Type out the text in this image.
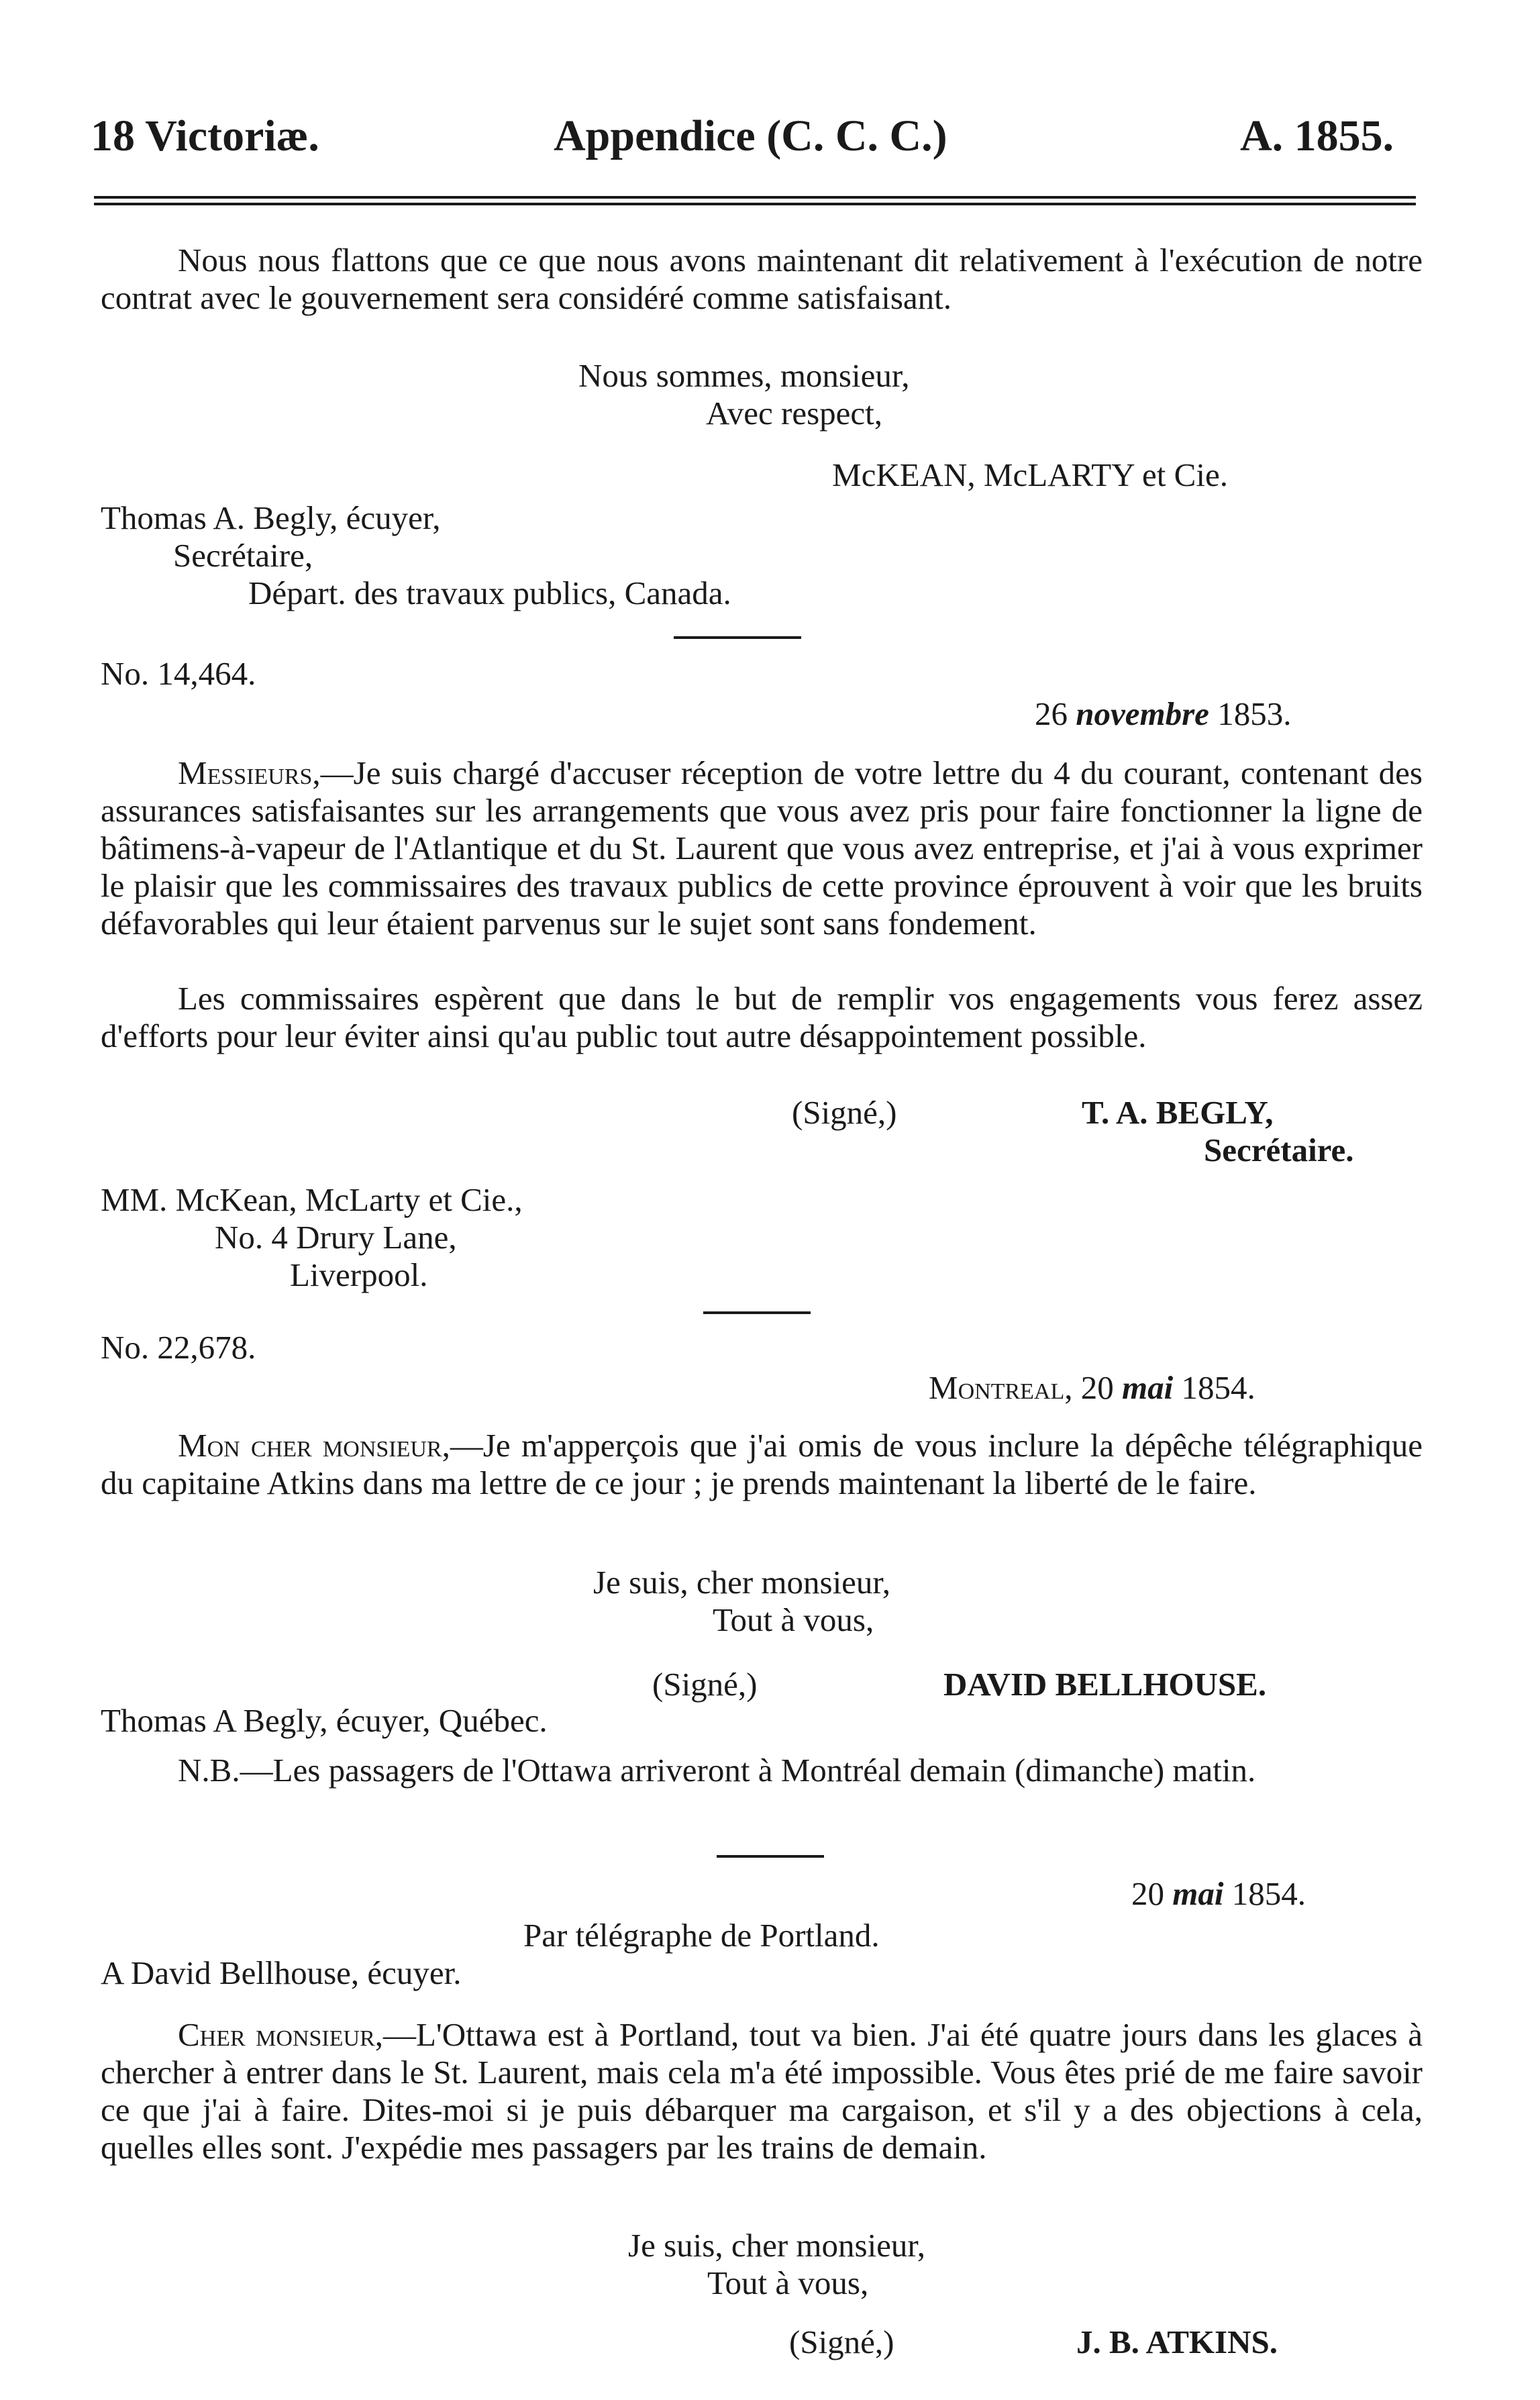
18 Victoriæ.	Appendice (C. C. C.)	A. 1855.
Nous nous flattons que ce que nous avons maintenant dit relativement à l'exécution de notre contrat avec le gouvernement sera considéré comme satisfaisant.
Nous sommes, monsieur,
Avec respect,
McKEAN, McLARTY et Cie.
Thomas A. Begly, écuyer,
Secrétaire,
Départ. des travaux publics, Canada.
No. 14,464.
26 novembre 1853.
Messieurs,—Je suis chargé d'accuser réception de votre lettre du 4 du courant, contenant des assurances satisfaisantes sur les arrangements que vous avez pris pour faire fonctionner la ligne de bâtimens-à-vapeur de l'Atlantique et du St. Laurent que vous avez entreprise, et j'ai à vous exprimer le plaisir que les commissaires des travaux publics de cette province éprouvent à voir que les bruits défavorables qui leur étaient parvenus sur le sujet sont sans fondement.
Les commissaires espèrent que dans le but de remplir vos engagements vous ferez assez d'efforts pour leur éviter ainsi qu'au public tout autre désappointement possible.
(Signé,)	T. A. BEGLY,
Secrétaire.
MM. McKean, McLarty et Cie.,
No. 4 Drury Lane,
Liverpool.
No. 22,678.
Montreal, 20 mai 1854.
Mon cher monsieur,—Je m'apperçois que j'ai omis de vous inclure la dépêche télégraphique du capitaine Atkins dans ma lettre de ce jour ; je prends maintenant la liberté de le faire.
Je suis, cher monsieur,
Tout à vous,
(Signé,)	DAVID BELLHOUSE.
Thomas A Begly, écuyer, Québec.
N.B.—Les passagers de l'Ottawa arriveront à Montréal demain (dimanche) matin.
20 mai 1854.
Par télégraphe de Portland.
A David Bellhouse, écuyer.
Cher monsieur,—L'Ottawa est à Portland, tout va bien. J'ai été quatre jours dans les glaces à chercher à entrer dans le St. Laurent, mais cela m'a été impossible. Vous êtes prié de me faire savoir ce que j'ai à faire. Dites-moi si je puis débarquer ma cargaison, et s'il y a des objections à cela, quelles elles sont. J'expédie mes passagers par les trains de demain.
Je suis, cher monsieur,
Tout à vous,
(Signé,)	J. B. ATKINS.
